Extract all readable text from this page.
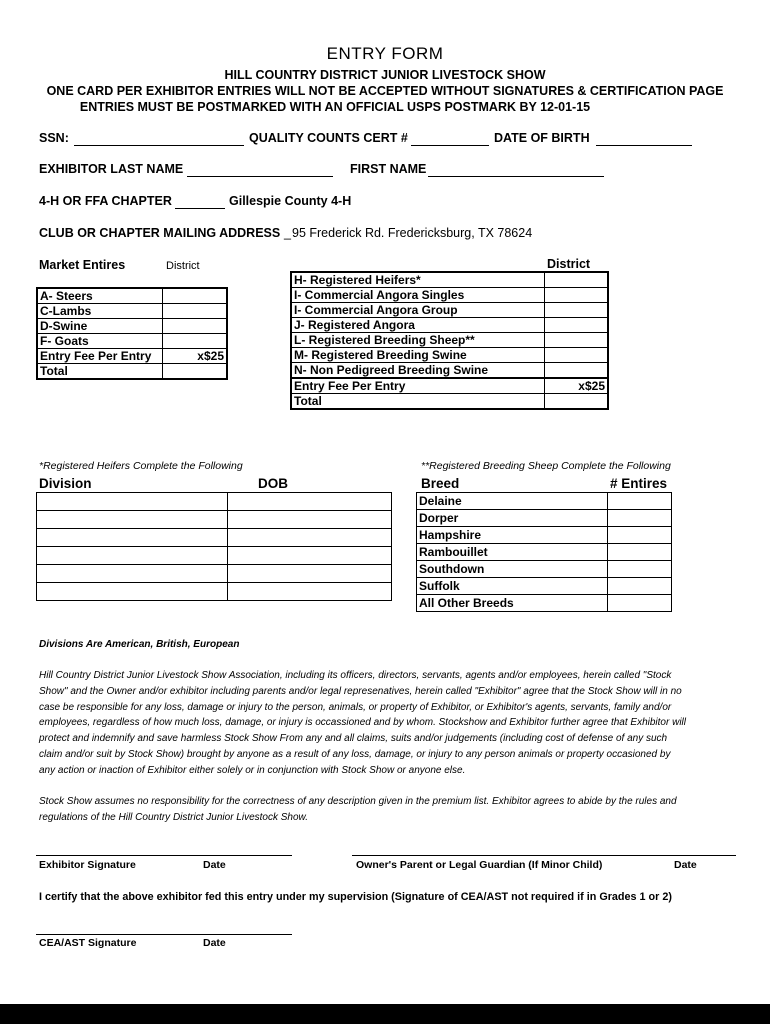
ENTRY FORM
HILL COUNTRY DISTRICT JUNIOR LIVESTOCK SHOW
ONE CARD PER EXHIBITOR ENTRIES WILL NOT BE ACCEPTED WITHOUT SIGNATURES & CERTIFICATION PAGE
ENTRIES MUST BE POSTMARKED WITH AN OFFICIAL USPS POSTMARK BY 12-01-15
SSN:	QUALITY COUNTS CERT #	DATE OF BIRTH
EXHIBITOR LAST NAME	FIRST NAME
4-H OR FFA CHAPTER	Gillespie County 4-H
CLUB OR CHAPTER MAILING ADDRESS _ 95 Frederick Rd. Fredericksburg, TX 78624
Market Entires	District
A- Steers	
C-Lambs	
D-Swine	
F- Goats	
Entry Fee Per Entry	x$25
Total	
District
H- Registered Heifers*	
I- Commercial Angora Singles	
I- Commercial Angora Group	
J- Registered Angora	
L- Registered Breeding Sheep**	
M- Registered Breeding Swine	
N- Non Pedigreed Breeding Swine	
Entry Fee Per Entry	x$25
Total	
*Registered Heifers Complete the Following
Division	DOB

**Registered Breeding Sheep Complete the Following
Breed	# Entires
Delaine	
Dorper	
Hampshire	
Rambouillet	
Southdown	
Suffolk	
All Other Breeds	
Divisions Are American, British, European
Hill Country District Junior Livestock Show Association, including its officers, directors, servants, agents and/or employees, herein called "Stock Show" and the Owner and/or exhibitor including parents and/or legal represenatives, herein called "Exhibitor" agree that the Stock Show will in no case be responsible for any loss, damage or injury to the person, animals, or property of Exhibitor, or Exhibitor's agents, servants, family and/or employees, regardless of how much loss, damage, or injury is occassioned and by whom. Stockshow and Exhibitor further agree that Exhibitor will protect and indemnify and save harmless Stock Show From any and all claims, suits and/or judgements (including cost of defense of any such claim and/or suit by Stock Show) brought by anyone as a result of any loss, damage, or injury to any person animals or property occasioned by any action or inaction of Exhibitor either solely or in conjunction with Stock Show or anyone else.
Stock Show assumes no responsibility for the correctness of any description given in the premium list. Exhibitor agrees to abide by the rules and regulations of the Hill Country District Junior Livestock Show.
Exhibitor Signature	Date	Owner's Parent or Legal Guardian (If Minor Child)	Date
I certify that the above exhibitor fed this entry under my supervision (Signature of CEA/AST not required if in Grades 1 or 2)
CEA/AST Signature	Date
